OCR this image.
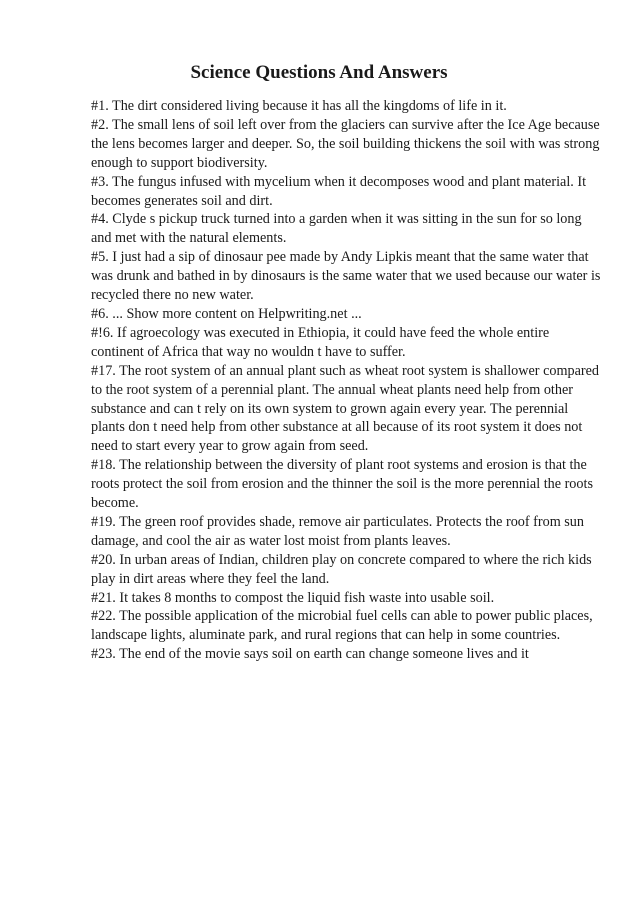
Science Questions And Answers

#1. The dirt considered living because it has all the kingdoms of life in it.

#2. The small lens of soil left over from the glaciers can survive after the Ice Age because the lens becomes larger and deeper. So, the soil building thickens the soil with was strong enough to support biodiversity.

#3. The fungus infused with mycelium when it decomposes wood and plant material. It becomes generates soil and dirt.

#4. Clyde s pickup truck turned into a garden when it was sitting in the sun for so long and met with the natural elements.

#5. I just had a sip of dinosaur pee made by Andy Lipkis meant that the same water that was drunk and bathed in by dinosaurs is the same water that we used because our water is recycled there no new water.

#6. ... Show more content on Helpwriting.net ...

#!6. If agroecology was executed in Ethiopia, it could have feed the whole entire continent of Africa that way no wouldn t have to suffer.

#17. The root system of an annual plant such as wheat root system is shallower compared to the root system of a perennial plant. The annual wheat plants need help from other substance and can t rely on its own system to grown again every year. The perennial plants don t need help from other substance at all because of its root system it does not need to start every year to grow again from seed.

#18. The relationship between the diversity of plant root systems and erosion is that the roots protect the soil from erosion and the thinner the soil is the more perennial the roots become.

#19. The green roof provides shade, remove air particulates. Protects the roof from sun damage, and cool the air as water lost moist from plants leaves.

#20. In urban areas of Indian, children play on concrete compared to where the rich kids play in dirt areas where they feel the land.

#21. It takes 8 months to compost the liquid fish waste into usable soil.

#22. The possible application of the microbial fuel cells can able to power public places, landscape lights, aluminate park, and rural regions that can help in some countries.

#23. The end of the movie says soil on earth can change someone lives and it
